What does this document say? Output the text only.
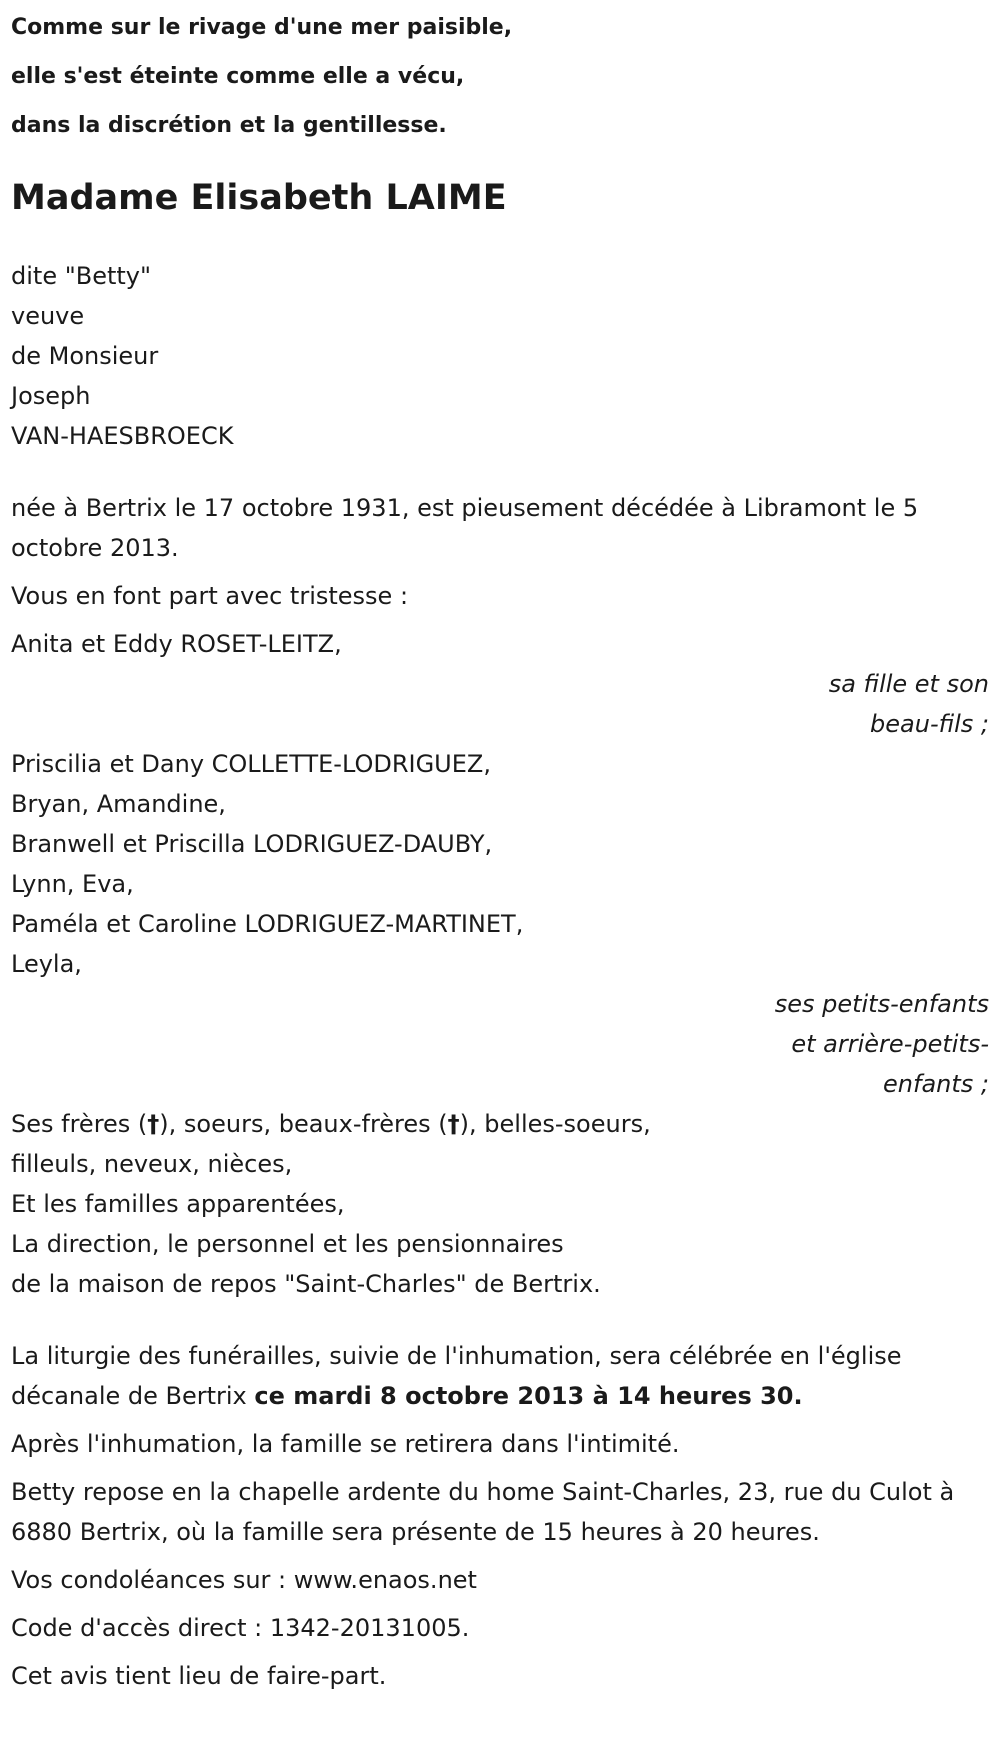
Comme sur le rivage d'une mer paisible,
elle s'est éteinte comme elle a vécu,
dans la discrétion et la gentillesse.
Madame Elisabeth LAIME
dite "Betty"
veuve
de Monsieur
Joseph
VAN-HAESBROECK
née à Bertrix le 17 octobre 1931, est pieusement décédée à Libramont le 5 octobre 2013.
Vous en font part avec tristesse :
Anita et Eddy ROSET-LEITZ,
sa fille et son
beau-fils ;
Priscilia et Dany COLLETTE-LODRIGUEZ,
Bryan, Amandine,
Branwell et Priscilla LODRIGUEZ-DAUBY,
Lynn, Eva,
Paméla et Caroline LODRIGUEZ-MARTINET,
Leyla,
ses petits-enfants
et arrière-petits-
enfants ;
Ses frères (†), soeurs, beaux-frères (†), belles-soeurs,
filleuls, neveux, nièces,
Et les familles apparentées,
La direction, le personnel et les pensionnaires
de la maison de repos "Saint-Charles" de Bertrix.
La liturgie des funérailles, suivie de l'inhumation, sera célébrée en l'église décanale de Bertrix ce mardi 8 octobre 2013 à 14 heures 30.
Après l'inhumation, la famille se retirera dans l'intimité.
Betty repose en la chapelle ardente du home Saint-Charles, 23, rue du Culot à 6880 Bertrix, où la famille sera présente de 15 heures à 20 heures.
Vos condoléances sur : www.enaos.net
Code d'accès direct : 1342-20131005.
Cet avis tient lieu de faire-part.
